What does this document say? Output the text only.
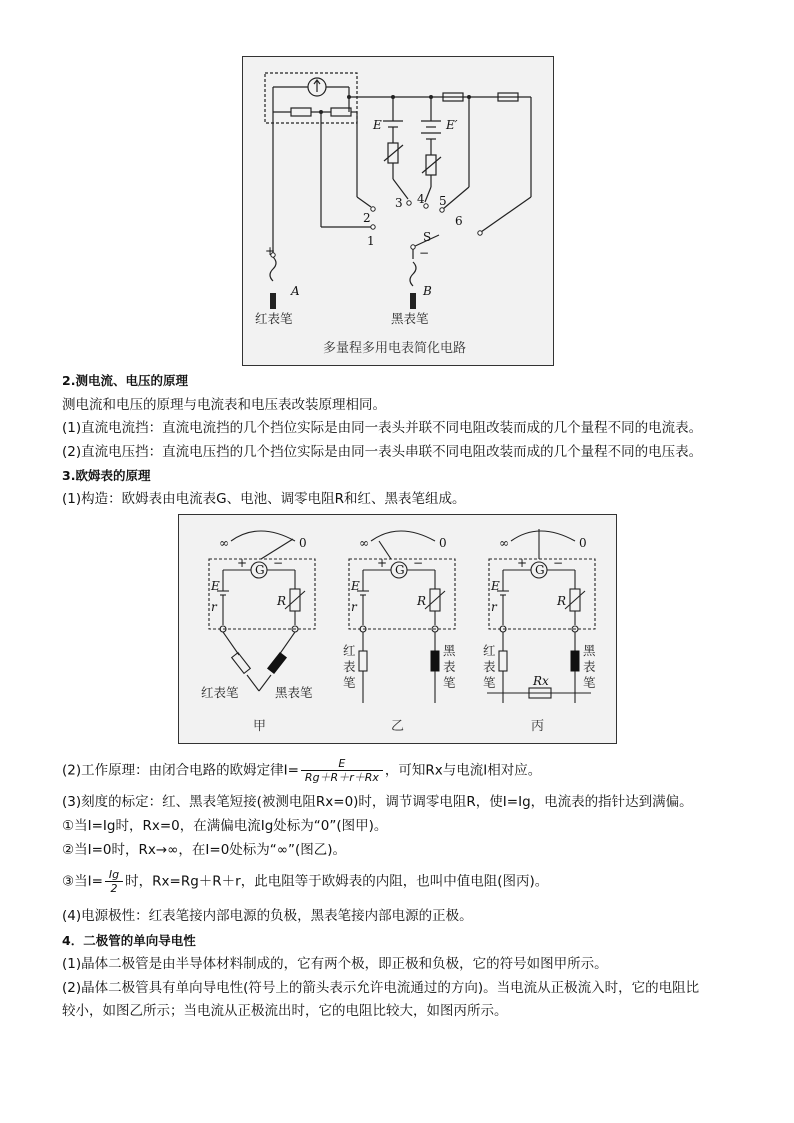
E	E′
2
3 4 5
6
1	S
+	−
A	B
红表笔	黑表笔
多量程多用电表简化电路
2.测电流、电压的原理
测电流和电压的原理与电流表和电压表改装原理相同。
(1)直流电流挡：直流电流挡的几个挡位实际是由同一表头并联不同电阻改装而成的几个量程不同的电流表。
(2)直流电压挡：直流电压挡的几个挡位实际是由同一表头串联不同电阻改装而成的几个量程不同的电压表。
3.欧姆表的原理
(1)构造：欧姆表由电流表G、电池、调零电阻R和红、黑表笔组成。
∞	0
G
+ −
E
r	R
红表笔	黑表笔
∞	0
G
+ −
E
r	R
红
表
笔
黑
表
笔
∞	0
G
+ −
E
r	R
红
表
笔
黑
表
笔
Rx
甲	乙	丙
(2)工作原理：由闭合电路的欧姆定律$I= \frac{E}{Rg+R+r+Rx}$ ，可知Rx与电流I相对应。
(3)刻度的标定：红、黑表笔短接(被测电阻Rx=0)时，调节调零电阻R，使I=Ig，电流表的指针达到满偏。
①当I=Ig时，Rx=0，在满偏电流Ig处标为“0”(图甲)。
②当I=0时，Rx→∞，在I=0处标为“∞”(图乙)。
③当$I= \frac{Ig}{2}$ 时，Rx=Rg＋R＋r，此电阻等于欧姆表的内阻，也叫中值电阻(图丙)。
(4)电源极性：红表笔接内部电源的负极，黑表笔接内部电源的正极。
4．二极管的单向导电性
(1)晶体二极管是由半导体材料制成的，它有两个极，即正极和负极，它的符号如图甲所示。
(2)晶体二极管具有单向导电性(符号上的箭头表示允许电流通过的方向)。当电流从正极流入时，它的电阻比
较小，如图乙所示；当电流从正极流出时，它的电阻比较大，如图丙所示。
